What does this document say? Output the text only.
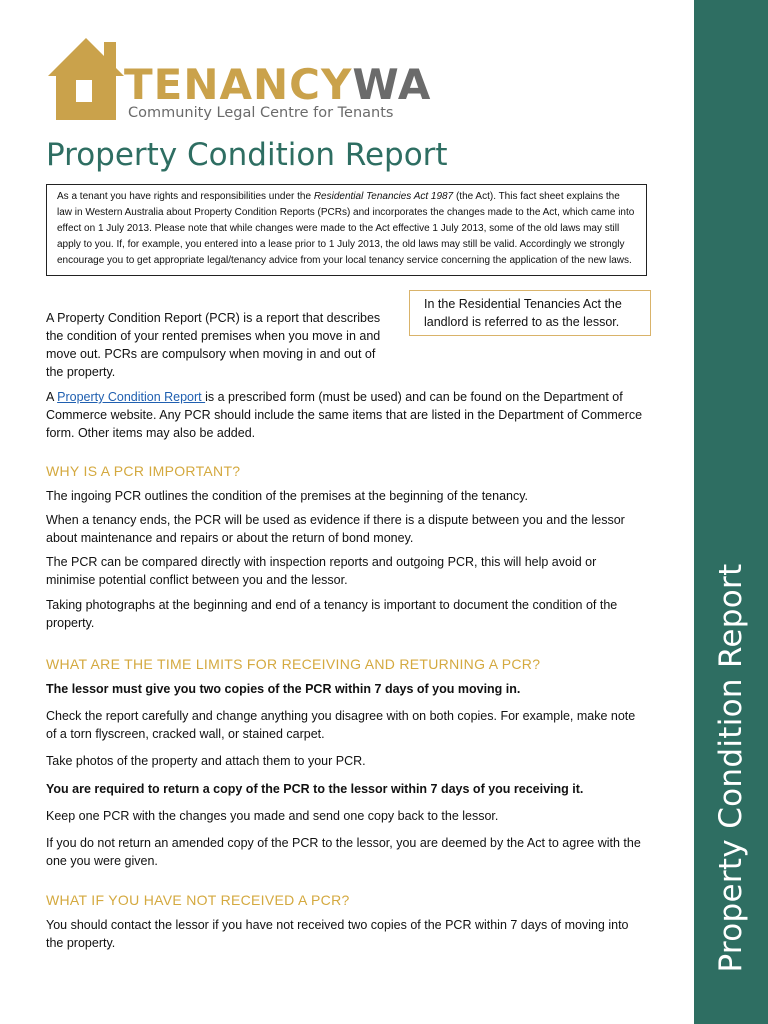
Property Condition Report
TENANCYWA
Community Legal Centre for Tenants
Property Condition Report
As a tenant you have rights and responsibilities under the Residential Tenancies Act 1987 (the Act). This fact sheet explains the law in Western Australia about Property Condition Reports (PCRs) and incorporates the changes made to the Act, which came into effect on 1 July 2013. Please note that while changes were made to the Act effective 1 July 2013, some of the old laws may still apply to you. If, for example, you entered into a lease prior to 1 July 2013, the old laws may still be valid. Accordingly we strongly encourage you to get appropriate legal/tenancy advice from your local tenancy service concerning the application of the new laws.
In the Residential Tenancies Act the landlord is referred to as the lessor.

A Property Condition Report (PCR) is a report that describes the condition of your rented premises when you move in and move out. PCRs are compulsory when moving in and out of the property.

A Property Condition Report is a prescribed form (must be used) and can be found on the Department of Commerce website. Any PCR should include the same items that are listed in the Department of Commerce form. Other items may also be added.

WHY IS A PCR IMPORTANT?

The ingoing PCR outlines the condition of the premises at the beginning of the tenancy.

When a tenancy ends, the PCR will be used as evidence if there is a dispute between you and the lessor about maintenance and repairs or about the return of bond money.

The PCR can be compared directly with inspection reports and outgoing PCR, this will help avoid or minimise potential conflict between you and the lessor.

Taking photographs at the beginning and end of a tenancy is important to document the condition of the property.

WHAT ARE THE TIME LIMITS FOR RECEIVING AND RETURNING A PCR?

The lessor must give you two copies of the PCR within 7 days of you moving in.

Check the report carefully and change anything you disagree with on both copies. For example, make note of a torn flyscreen, cracked wall, or stained carpet.

Take photos of the property and attach them to your PCR.

You are required to return a copy of the PCR to the lessor within 7 days of you receiving it.

Keep one PCR with the changes you made and send one copy back to the lessor.

If you do not return an amended copy of the PCR to the lessor, you are deemed by the Act to agree with the one you were given.

WHAT IF YOU HAVE NOT RECEIVED A PCR?

You should contact the lessor if you have not received two copies of the PCR within 7 days of moving into the property.
